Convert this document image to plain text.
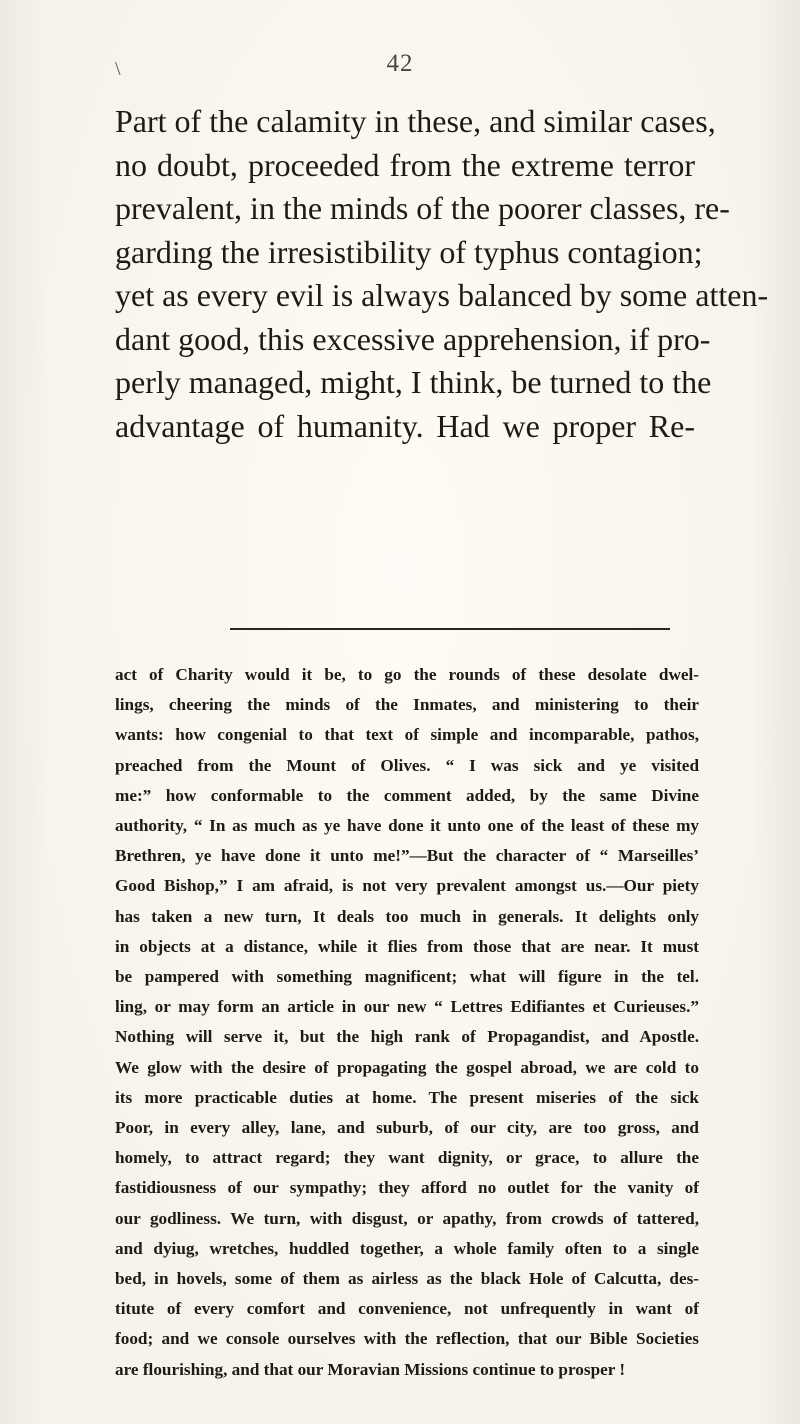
\	42
Part of the calamity in these, and similar cases,
no doubt, proceeded from the extreme terror
prevalent, in the minds of the poorer classes, re-
garding the irresistibility of typhus contagion;
yet as every evil is always balanced by some atten-
dant good, this excessive apprehension, if pro-
perly managed, might, I think, be turned to the
advantage of humanity. Had we proper Re-
act of Charity would it be, to go the rounds of these desolate dwel-
lings, cheering the minds of the Inmates, and ministering to their
wants: how congenial to that text of simple and incomparable, pathos,
preached from the Mount of Olives. “ I was sick and ye visited
me:” how conformable to the comment added, by the same Divine
authority, “ In as much as ye have done it unto one of the least of these my
Brethren, ye have done it unto me!”—But the character of “ Marseilles’
Good Bishop,” I am afraid, is not very prevalent amongst us.—Our piety
has taken a new turn, It deals too much in generals. It delights only
in objects at a distance, while it flies from those that are near. It must
be pampered with something magnificent; what will figure in the tel.
ling, or may form an article in our new “ Lettres Edifiantes et Curieuses.”
Nothing will serve it, but the high rank of Propagandist, and Apostle.
We glow with the desire of propagating the gospel abroad, we are cold to
its more practicable duties at home. The present miseries of the sick
Poor, in every alley, lane, and suburb, of our city, are too gross, and
homely, to attract regard; they want dignity, or grace, to allure the
fastidiousness of our sympathy; they afford no outlet for the vanity of
our godliness. We turn, with disgust, or apathy, from crowds of tattered,
and dyiug, wretches, huddled together, a whole family often to a single
bed, in hovels, some of them as airless as the black Hole of Calcutta, des-
titute of every comfort and convenience, not unfrequently in want of
food; and we console ourselves with the reflection, that our Bible Societies
are flourishing, and that our Moravian Missions continue to prosper !
